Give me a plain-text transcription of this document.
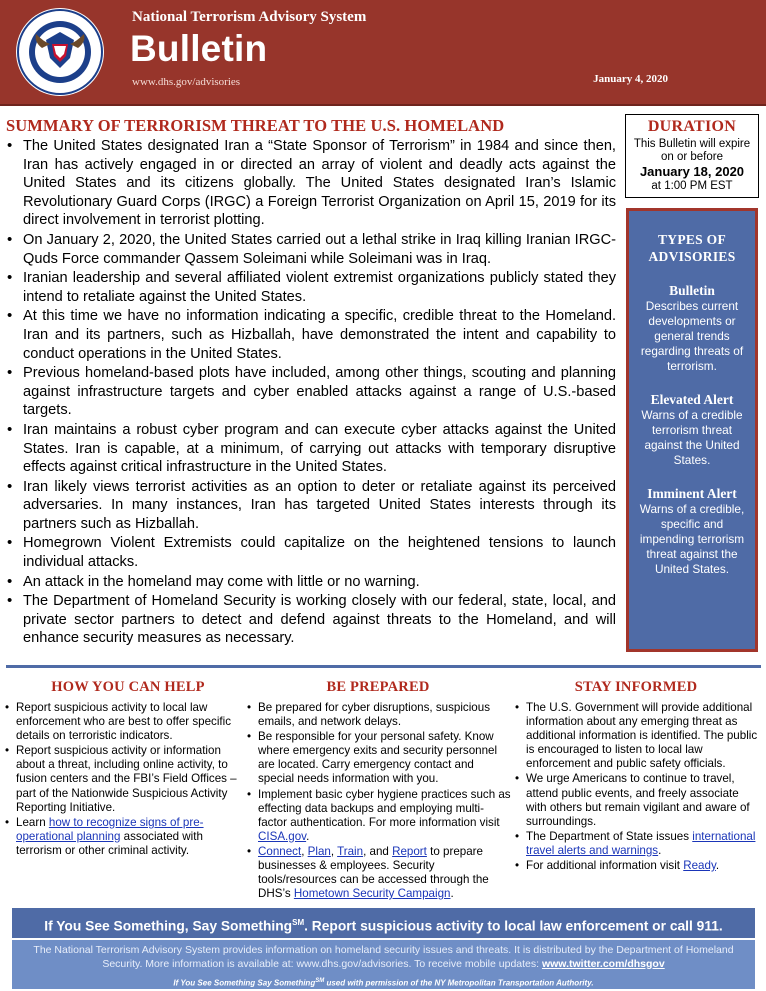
National Terrorism Advisory System
Bulletin
www.dhs.gov/advisories	January 4, 2020
SUMMARY OF TERRORISM THREAT TO THE U.S. HOMELAND
• The United States designated Iran a “State Sponsor of Terrorism” in 1984 and since then, Iran has actively engaged in or directed an array of violent and deadly acts against the United States and its citizens globally. The United States designated Iran’s Islamic Revolutionary Guard Corps (IRGC) a Foreign Terrorist Organization on April 15, 2019 for its direct involvement in terrorist plotting.
• On January 2, 2020, the United States carried out a lethal strike in Iraq killing Iranian IRGC-Quds Force commander Qassem Soleimani while Soleimani was in Iraq.
• Iranian leadership and several affiliated violent extremist organizations publicly stated they intend to retaliate against the United States.
• At this time we have no information indicating a specific, credible threat to the Homeland. Iran and its partners, such as Hizballah, have demonstrated the intent and capability to conduct operations in the United States.
• Previous homeland-based plots have included, among other things, scouting and planning against infrastructure targets and cyber enabled attacks against a range of U.S.-based targets.
• Iran maintains a robust cyber program and can execute cyber attacks against the United States. Iran is capable, at a minimum, of carrying out attacks with temporary disruptive effects against critical infrastructure in the United States.
• Iran likely views terrorist activities as an option to deter or retaliate against its perceived adversaries. In many instances, Iran has targeted United States interests through its partners such as Hizballah.
• Homegrown Violent Extremists could capitalize on the heightened tensions to launch individual attacks.
• An attack in the homeland may come with little or no warning.
• The Department of Homeland Security is working closely with our federal, state, local, and private sector partners to detect and defend against threats to the Homeland, and will enhance security measures as necessary.
DURATION
This Bulletin will expire on or before
January 18, 2020
at 1:00 PM EST
TYPES OF ADVISORIES
Bulletin
Describes current developments or general trends regarding threats of terrorism.
Elevated Alert
Warns of a credible terrorism threat against the United States.
Imminent Alert
Warns of a credible, specific and impending terrorism threat against the United States.
HOW YOU CAN HELP
• Report suspicious activity to local law enforcement who are best to offer specific details on terroristic indicators.
• Report suspicious activity or information about a threat, including online activity, to fusion centers and the FBI’s Field Offices – part of the Nationwide Suspicious Activity Reporting Initiative.
• Learn how to recognize signs of pre-operational planning associated with terrorism or other criminal activity.
BE PREPARED
• Be prepared for cyber disruptions, suspicious emails, and network delays.
• Be responsible for your personal safety. Know where emergency exits and security personnel are located. Carry emergency contact and special needs information with you.
• Implement basic cyber hygiene practices such as effecting data backups and employing multi-factor authentication. For more information visit CISA.gov.
• Connect, Plan, Train, and Report to prepare businesses & employees. Security tools/resources can be accessed through the DHS’s Hometown Security Campaign.
STAY INFORMED
• The U.S. Government will provide additional information about any emerging threat as additional information is identified. The public is encouraged to listen to local law enforcement and public safety officials.
• We urge Americans to continue to travel, attend public events, and freely associate with others but remain vigilant and aware of surroundings.
• The Department of State issues international travel alerts and warnings.
• For additional information visit Ready.
If You See Something, Say Something℠. Report suspicious activity to local law enforcement or call 911.
The National Terrorism Advisory System provides information on homeland security issues and threats. It is distributed by the Department of Homeland Security. More information is available at: www.dhs.gov/advisories. To receive mobile updates: www.twitter.com/dhsgov
If You See Something Say Something℠ used with permission of the NY Metropolitan Transportation Authority.
